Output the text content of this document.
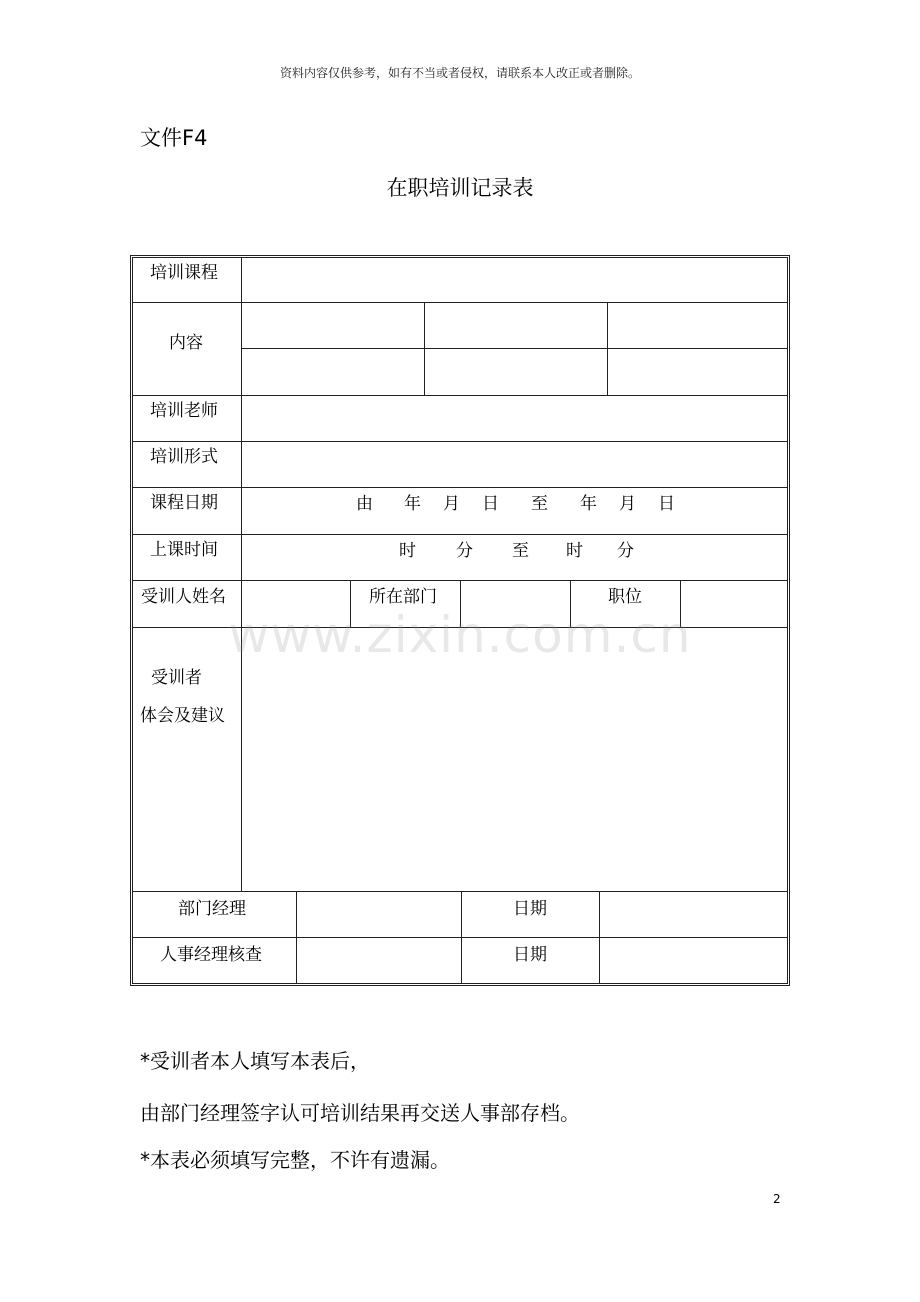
资料内容仅供参考，如有不当或者侵权，请联系本人改正或者删除。
文件F4
在职培训记录表
培训课程
内容
培训老师
培训形式
课程日期	由 年 月 日 至 年 月 日
上课时间	时 分 至 时 分
受训人姓名	所在部门	职位
受训者
体会及建议
部门经理	日期
人事经理核查	日期
www.zixin.com.cn
*受训者本人填写本表后，
由部门经理签字认可培训结果再交送人事部存档。
*本表必须填写完整，不许有遗漏。
2
